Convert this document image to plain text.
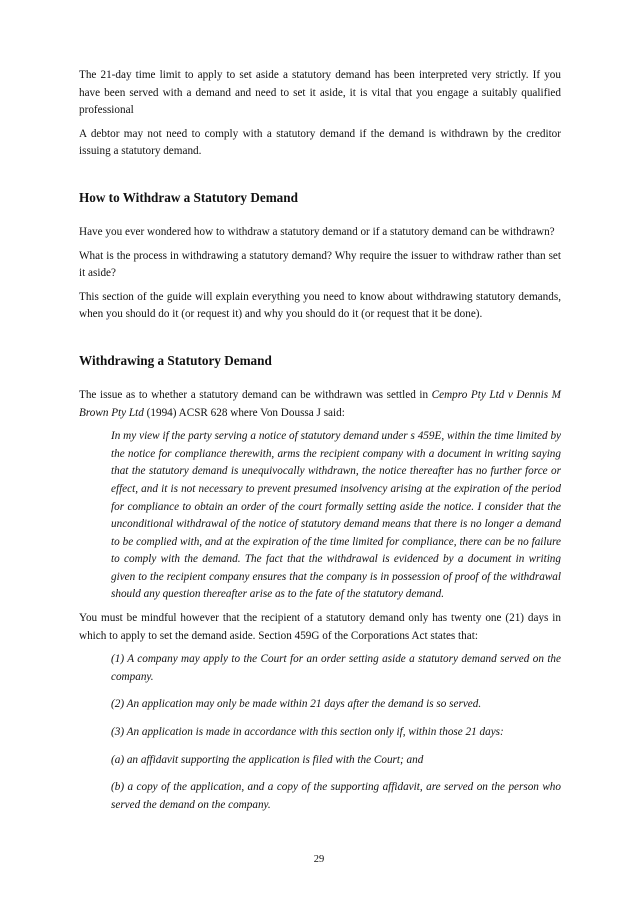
The 21-day time limit to apply to set aside a statutory demand has been interpreted very strictly. If you have been served with a demand and need to set it aside, it is vital that you engage a suitably qualified professional

A debtor may not need to comply with a statutory demand if the demand is withdrawn by the creditor issuing a statutory demand.

How to Withdraw a Statutory Demand

Have you ever wondered how to withdraw a statutory demand or if a statutory demand can be withdrawn?

What is the process in withdrawing a statutory demand? Why require the issuer to withdraw rather than set it aside?

This section of the guide will explain everything you need to know about withdrawing statutory demands, when you should do it (or request it) and why you should do it (or request that it be done).

Withdrawing a Statutory Demand

The issue as to whether a statutory demand can be withdrawn was settled in Cempro Pty Ltd v Dennis M Brown Pty Ltd (1994) ACSR 628 where Von Doussa J said:

In my view if the party serving a notice of statutory demand under s 459E, within the time limited by the notice for compliance therewith, arms the recipient company with a document in writing saying that the statutory demand is unequivocally withdrawn, the notice thereafter has no further force or effect, and it is not necessary to prevent presumed insolvency arising at the expiration of the period for compliance to obtain an order of the court formally setting aside the notice. I consider that the unconditional withdrawal of the notice of statutory demand means that there is no longer a demand to be complied with, and at the expiration of the time limited for compliance, there can be no failure to comply with the demand. The fact that the withdrawal is evidenced by a document in writing given to the recipient company ensures that the company is in possession of proof of the withdrawal should any question thereafter arise as to the fate of the statutory demand.

You must be mindful however that the recipient of a statutory demand only has twenty one (21) days in which to apply to set the demand aside. Section 459G of the Corporations Act states that:

(1) A company may apply to the Court for an order setting aside a statutory demand served on the company.

(2) An application may only be made within 21 days after the demand is so served.

(3) An application is made in accordance with this section only if, within those 21 days:

(a) an affidavit supporting the application is filed with the Court; and

(b) a copy of the application, and a copy of the supporting affidavit, are served on the person who served the demand on the company.

29
